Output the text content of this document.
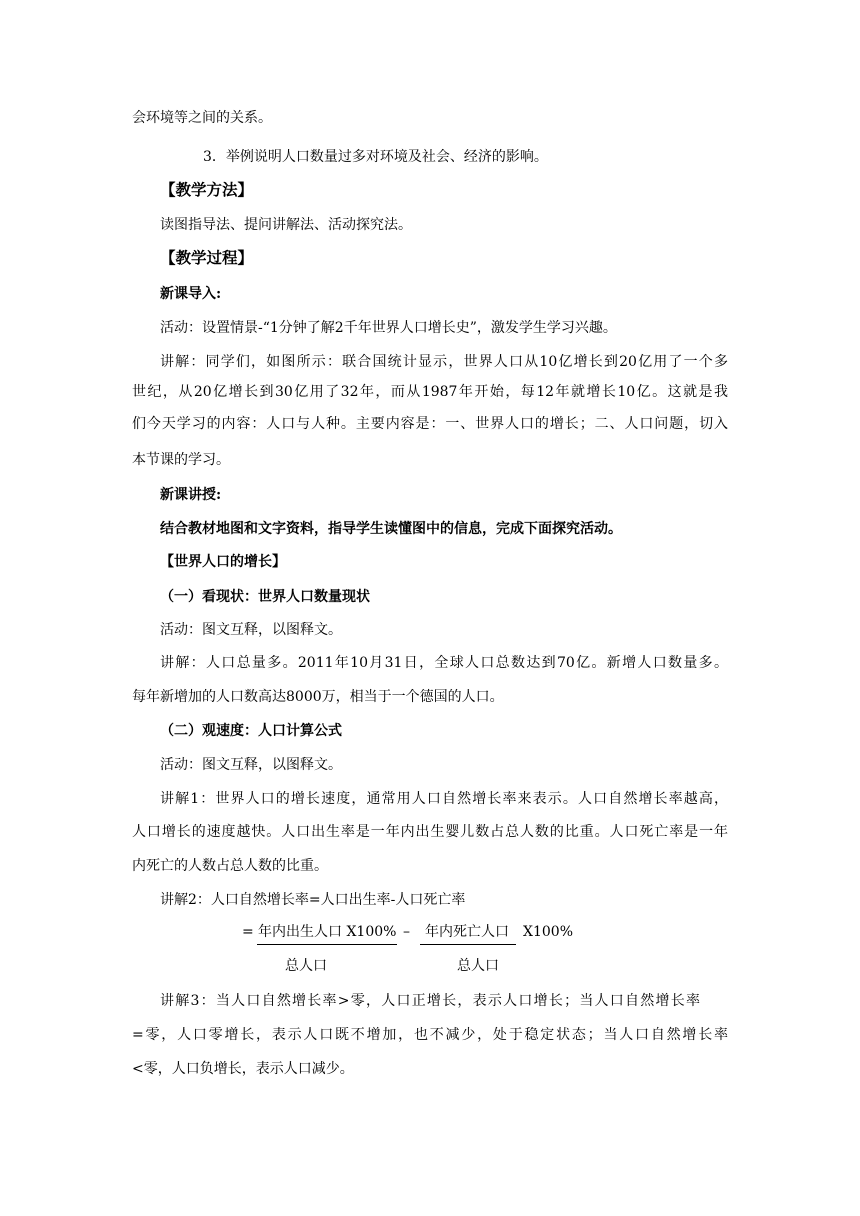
会环境等之间的关系。
3．举例说明人口数量过多对环境及社会、经济的影响。
【教学方法】
读图指导法、提问讲解法、活动探究法。
【教学过程】
新课导入:
活动：设置情景-“1分钟了解2千年世界人口增长史”，激发学生学习兴趣。
讲解：同学们，如图所示：联合国统计显示，世界人口从10亿增长到20亿用了一个多
世纪，从20亿增长到30亿用了32年，而从1987年开始，每12年就增长10亿。这就是我
们今天学习的内容：人口与人种。主要内容是：一、世界人口的增长；二、人口问题，切入
本节课的学习。
新课讲授:
结合教材地图和文字资料，指导学生读懂图中的信息，完成下面探究活动。
【世界人口的增长】
（一）看现状：世界人口数量现状
活动：图文互释，以图释文。
讲解：人口总量多。2011年10月31日，全球人口总数达到70亿。新增人口数量多。
每年新增加的人口数高达8000万，相当于一个德国的人口。
（二）观速度：人口计算公式
活动：图文互释，以图释文。
讲解1：世界人口的增长速度，通常用人口自然增长率来表示。人口自然增长率越高，
人口增长的速度越快。人口出生率是一年内出生婴儿数占总人数的比重。人口死亡率是一年
内死亡的人数占总人数的比重。
讲解2：人口自然增长率=人口出生率-人口死亡率
= 年内出生人口 X100% – 年内死亡人口 X100%
总人口	总人口
讲解3：当人口自然增长率>零，人口正增长，表示人口增长；当人口自然增长率
=零，人口零增长，表示人口既不增加，也不减少，处于稳定状态；当人口自然增长率
<零，人口负增长，表示人口减少。
